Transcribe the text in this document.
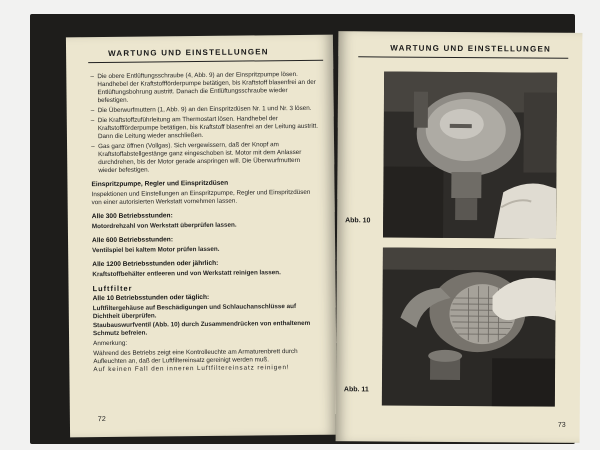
WARTUNG UND EINSTELLUNGEN
– Die obere Entlüftungsschraube (4, Abb. 9) an der Einspritzpumpe lösen. Handhebel der Kraftstoffförderpumpe betätigen, bis Kraftstoff blasenfrei an der Entlüftungsbohrung austritt. Danach die Entlüftungsschraube wieder befestigen.
– Die Überwurfmuttern (1, Abb. 9) an den Einspritzdüsen Nr. 1 und Nr. 3 lösen.
– Die Kraftstoffzuführleitung am Thermostart lösen. Handhebel der Kraftstoffförderpumpe betätigen, bis Kraftstoff blasenfrei an der Leitung austritt. Dann die Leitung wieder anschließen.
– Gas ganz öffnen (Vollgas). Sich vergewissern, daß der Knopf am Kraftstoffabstellgestänge ganz eingeschoben ist. Motor mit dem Anlasser durchdrehen, bis der Motor gerade anspringen will. Die Überwurfmuttern wieder befestigen.
Einspritzpumpe, Regler und Einspritzdüsen
Inspektionen und Einstellungen an Einspritzpumpe, Regler und Einspritzdüsen von einer autorisierten Werkstatt vornehmen lassen.
Alle 300 Betriebsstunden:
Motordrehzahl von Werkstatt überprüfen lassen.
Alle 600 Betriebsstunden:
Ventilspiel bei kaltem Motor prüfen lassen.
Alle 1200 Betriebsstunden oder jährlich:
Kraftstoffbehälter entleeren und von Werkstatt reinigen lassen.
Luftfilter
Alle 10 Betriebsstunden oder täglich:
Luftfiltergehäuse auf Beschädigungen und Schlauchanschlüsse auf Dichtheit überprüfen.
Staubauswurfventil (Abb. 10) durch Zusammendrücken von enthaltenem Schmutz befreien.
Anmerkung:
Während des Betriebs zeigt eine Kontrolleuchte am Armaturenbrett durch Aufleuchten an, daß der Luftfiltereinsatz gereinigt werden muß.
Auf keinen Fall den inneren Luftfiltereinsatz reinigen!
72
WARTUNG UND EINSTELLUNGEN
Abb. 10
Abb. 11
73
